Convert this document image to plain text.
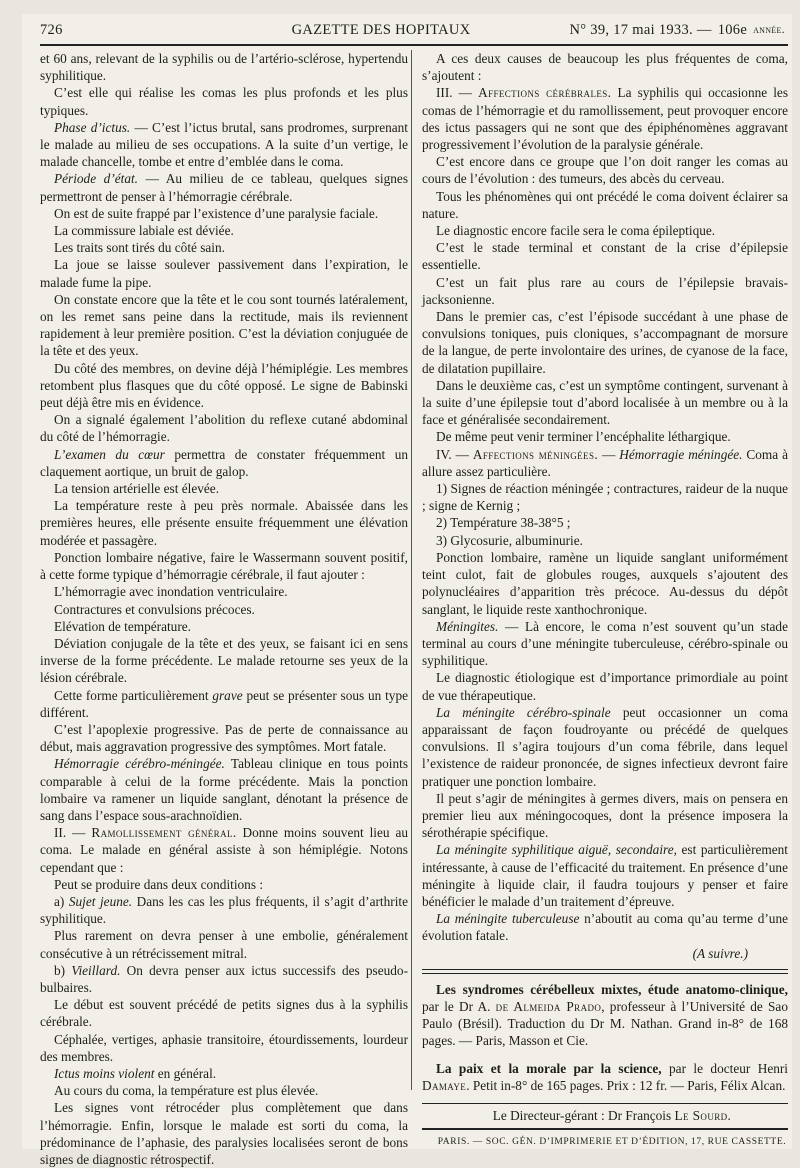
726	GAZETTE DES HOPITAUX	N° 39, 17 mai 1933. — 106e année.

et 60 ans, relevant de la syphilis ou de l’artério-sclérose, hypertendu syphilitique.

C’est elle qui réalise les comas les plus profonds et les plus typiques.

Phase d’ictus. — C’est l’ictus brutal, sans prodromes, surprenant le malade au milieu de ses occupations. A la suite d’un vertige, le malade chancelle, tombe et entre d’emblée dans le coma.

Période d’état. — Au milieu de ce tableau, quelques signes permettront de penser à l’hémorragie cérébrale.

On est de suite frappé par l’existence d’une paralysie faciale.

La commissure labiale est déviée.

Les traits sont tirés du côté sain.

La joue se laisse soulever passivement dans l’expiration, le malade fume la pipe.

On constate encore que la tête et le cou sont tournés latéralement, on les remet sans peine dans la rectitude, mais ils reviennent rapidement à leur première position. C’est la déviation conjuguée de la tête et des yeux.

Du côté des membres, on devine déjà l’hémiplégie. Les membres retombent plus flasques que du côté opposé. Le signe de Babinski peut déjà être mis en évidence.

On a signalé également l’abolition du reflexe cutané abdominal du côté de l’hémorragie.

L’examen du cœur permettra de constater fréquemment un claquement aortique, un bruit de galop.

La tension artérielle est élevée.

La température reste à peu près normale. Abaissée dans les premières heures, elle présente ensuite fréquemment une élévation modérée et passagère.

Ponction lombaire négative, faire le Wassermann souvent positif, à cette forme typique d’hémorragie cérébrale, il faut ajouter :

L’hémorragie avec inondation ventriculaire.

Contractures et convulsions précoces.

Elévation de température.

Déviation conjugale de la tête et des yeux, se faisant ici en sens inverse de la forme précédente. Le malade retourne ses yeux de la lésion cérébrale.

Cette forme particulièrement grave peut se présenter sous un type différent.

C’est l’apoplexie progressive. Pas de perte de connaissance au début, mais aggravation progressive des symptômes. Mort fatale.

Hémorragie cérébro-méningée. Tableau clinique en tous points comparable à celui de la forme précédente. Mais la ponction lombaire va ramener un liquide sanglant, dénotant la présence de sang dans l’espace sous-arachnoïdien.

II. — Ramollissement général. Donne moins souvent lieu au coma. Le malade en général assiste à son hémiplégie. Notons cependant que :

Peut se produire dans deux conditions :

a) Sujet jeune. Dans les cas les plus fréquents, il s’agit d’arthrite syphilitique.

Plus rarement on devra penser à une embolie, généralement consécutive à un rétrécissement mitral.

b) Vieillard. On devra penser aux ictus successifs des pseudo-bulbaires.

Le début est souvent précédé de petits signes dus à la syphilis cérébrale.

Céphalée, vertiges, aphasie transitoire, étourdissements, lourdeur des membres.

Ictus moins violent en général.

Au cours du coma, la température est plus élevée.

Les signes vont rétrocéder plus complètement que dans l’hémorragie. Enfin, lorsque le malade est sorti du coma, la prédominance de l’aphasie, des paralysies localisées seront de bons signes de diagnostic rétrospectif.

A ces deux causes de beaucoup les plus fréquentes de coma, s’ajoutent :

III. — Affections cérébrales. La syphilis qui occasionne les comas de l’hémorragie et du ramollissement, peut provoquer encore des ictus passagers qui ne sont que des épiphénomènes aggravant progressivement l’évolution de la paralysie générale.

C’est encore dans ce groupe que l’on doit ranger les comas au cours de l’évolution : des tumeurs, des abcès du cerveau.

Tous les phénomènes qui ont précédé le coma doivent éclairer sa nature.

Le diagnostic encore facile sera le coma épileptique.

C’est le stade terminal et constant de la crise d’épilepsie essentielle.

C’est un fait plus rare au cours de l’épilepsie bravais-jacksonienne.

Dans le premier cas, c’est l’épisode succédant à une phase de convulsions toniques, puis cloniques, s’accompagnant de morsure de la langue, de perte involontaire des urines, de cyanose de la face, de dilatation pupillaire.

Dans le deuxième cas, c’est un symptôme contingent, survenant à la suite d’une épilepsie tout d’abord localisée à un membre ou à la face et généralisée secondairement.

De même peut venir terminer l’encéphalite léthargique.

IV. — Affections méningées. — Hémorragie méningée. Coma à allure assez particulière.

1) Signes de réaction méningée ; contractures, raideur de la nuque ; signe de Kernig ;

2) Température 38-38°5 ;

3) Glycosurie, albuminurie.

Ponction lombaire, ramène un liquide sanglant uniformément teint culot, fait de globules rouges, auxquels s’ajoutent des polynucléaires d’apparition très précoce. Au-dessus du dépôt sanglant, le liquide reste xanthochronique.

Méningites. — Là encore, le coma n’est souvent qu’un stade terminal au cours d’une méningite tuberculeuse, cérébro-spinale ou syphilitique.

Le diagnostic étiologique est d’importance primordiale au point de vue thérapeutique.

La méningite cérébro-spinale peut occasionner un coma apparaissant de façon foudroyante ou précédé de quelques convulsions. Il s’agira toujours d’un coma fébrile, dans lequel l’existence de raideur prononcée, de signes infectieux devront faire pratiquer une ponction lombaire.

Il peut s’agir de méningites à germes divers, mais on pensera en premier lieu aux méningocoques, dont la présence imposera la sérothérapie spécifique.

La méningite syphilitique aiguë, secondaire, est particulièrement intéressante, à cause de l’efficacité du traitement. En présence d’une méningite à liquide clair, il faudra toujours y penser et faire bénéficier le malade d’un traitement d’épreuve.

La méningite tuberculeuse n’aboutit au coma qu’au terme d’une évolution fatale.

(A suivre.)

Les syndromes cérébelleux mixtes, étude anatomo-clinique, par le Dr A. de Almeida Prado, professeur à l’Université de Sao Paulo (Brésil). Traduction du Dr M. Nathan. Grand in-8° de 168 pages. — Paris, Masson et Cie.

La paix et la morale par la science, par le docteur Henri Damaye. Petit in-8° de 165 pages. Prix : 12 fr. — Paris, Félix Alcan.

Le Directeur-gérant : Dr François Le Sourd.

PARIS. — SOC. GÉN. D’IMPRIMERIE ET D’ÉDITION, 17, RUE CASSETTE.
